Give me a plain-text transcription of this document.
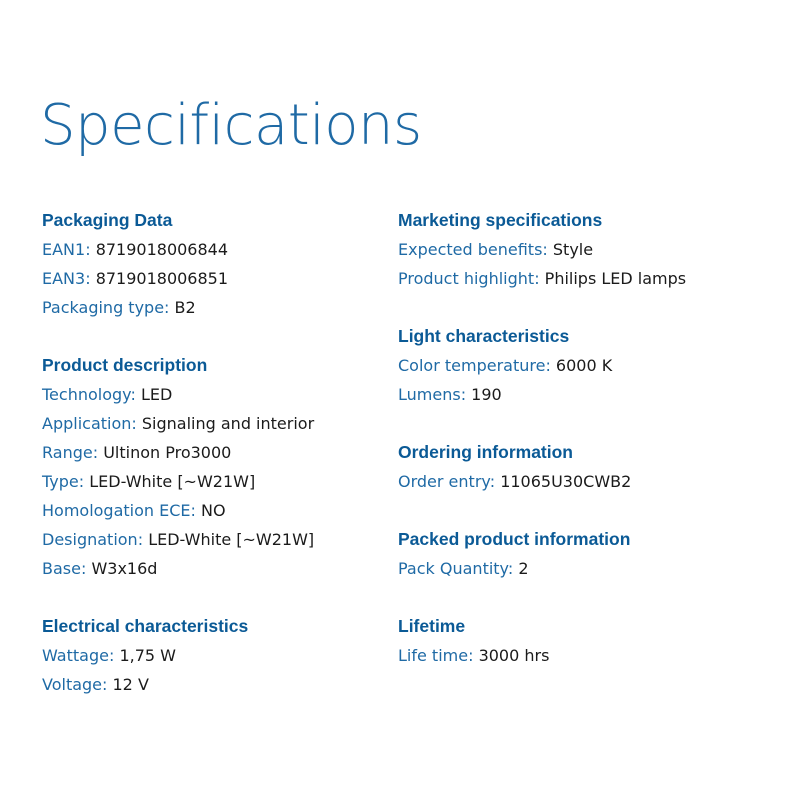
Specifications
Packaging Data
EAN1: 8719018006844
EAN3: 8719018006851
Packaging type: B2
Product description
Technology: LED
Application: Signaling and interior
Range: Ultinon Pro3000
Type: LED-White [~W21W]
Homologation ECE: NO
Designation: LED-White [~W21W]
Base: W3x16d
Electrical characteristics
Wattage: 1,75 W
Voltage: 12 V
Marketing specifications
Expected benefits: Style
Product highlight: Philips LED lamps
Light characteristics
Color temperature: 6000 K
Lumens: 190
Ordering information
Order entry: 11065U30CWB2
Packed product information
Pack Quantity: 2
Lifetime
Life time: 3000 hrs
